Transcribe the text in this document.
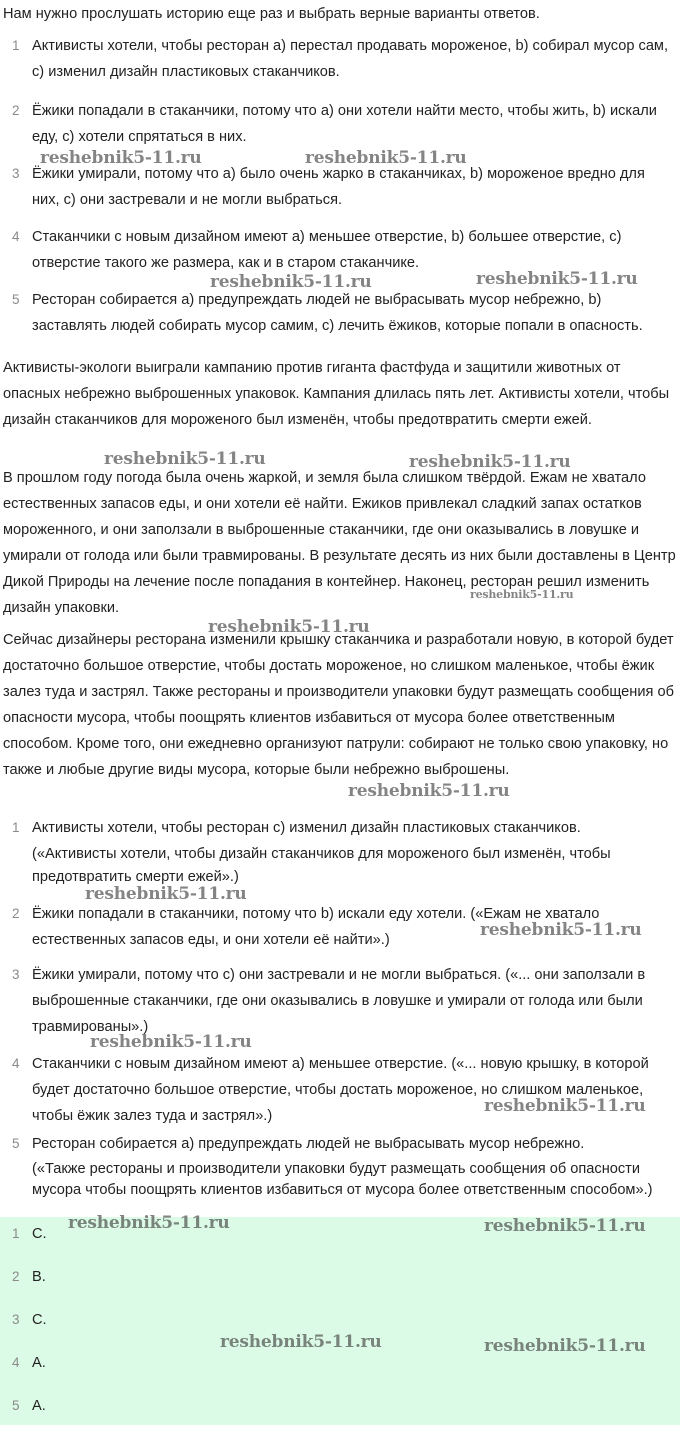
Нам нужно прослушать историю еще раз и выбрать верные варианты ответов.
1 Активисты хотели, чтобы ресторан а) перестал продавать мороженое, b) собирал мусор сам, c) изменил дизайн пластиковых стаканчиков.
2 Ёжики попадали в стаканчики, потому что а) они хотели найти место, чтобы жить, b) искали еду, c) хотели спрятаться в них.
3 Ёжики умирали, потому что а) было очень жарко в стаканчиках, b) мороженое вредно для них, c) они застревали и не могли выбраться.
4 Стаканчики с новым дизайном имеют а) меньшее отверстие, b) большее отверстие, c) отверстие такого же размера, как и в старом стаканчике.
5 Ресторан собирается а) предупреждать людей не выбрасывать мусор небрежно, b) заставлять людей собирать мусор самим, c) лечить ёжиков, которые попали в опасность.

Активисты-экологи выиграли кампанию против гиганта фастфуда и защитили животных от опасных небрежно выброшенных упаковок. Кампания длилась пять лет. Активисты хотели, чтобы дизайн стаканчиков для мороженого был изменён, чтобы предотвратить смерти ежей.

В прошлом году погода была очень жаркой, и земля была слишком твёрдой. Ежам не хватало естественных запасов еды, и они хотели её найти. Ежиков привлекал сладкий запах остатков мороженного, и они заползали в выброшенные стаканчики, где они оказывались в ловушке и умирали от голода или были травмированы. В результате десять из них были доставлены в Центр Дикой Природы на лечение после попадания в контейнер. Наконец, ресторан решил изменить дизайн упаковки.

Сейчас дизайнеры ресторана изменили крышку стаканчика и разработали новую, в которой будет достаточно большое отверстие, чтобы достать мороженое, но слишком маленькое, чтобы ёжик залез туда и застрял. Также рестораны и производители упаковки будут размещать сообщения об опасности мусора, чтобы поощрять клиентов избавиться от мусора более ответственным способом. Кроме того, они ежедневно организуют патрули: собирают не только свою упаковку, но также и любые другие виды мусора, которые были небрежно выброшены.

1 Активисты хотели, чтобы ресторан с) изменил дизайн пластиковых стаканчиков.
(«Активисты хотели, чтобы дизайн стаканчиков для мороженого был изменён, чтобы предотвратить смерти ежей».)
2 Ёжики попадали в стаканчики, потому что b) искали еду хотели. («Ежам не хватало естественных запасов еды, и они хотели её найти».)
3 Ёжики умирали, потому что с) они застревали и не могли выбраться. («... они заползали в выброшенные стаканчики, где они оказывались в ловушке и умирали от голода или были травмированы».)
4 Стаканчики с новым дизайном имеют а) меньшее отверстие. («... новую крышку, в которой будет достаточно большое отверстие, чтобы достать мороженое, но слишком маленькое, чтобы ёжик залез туда и застрял».)
5 Ресторан собирается а) предупреждать людей не выбрасывать мусор небрежно.
(«Также рестораны и производители упаковки будут размещать сообщения об опасности мусора чтобы поощрять клиентов избавиться от мусора более ответственным способом».)
1 C.
2 B.
3 C.
4 A.
5 A.
reshebnik5-11.ru	reshebnik5-11.ru
reshebnik5-11.ru	reshebnik5-11.ru
reshebnik5-11.ru	reshebnik5-11.ru
reshebnik5-11.ru
reshebnik5-11.ru
reshebnik5-11.ru
reshebnik5-11.ru
reshebnik5-11.ru
reshebnik5-11.ru
reshebnik5-11.ru
reshebnik5-11.ru	reshebnik5-11.ru
reshebnik5-11.ru	reshebnik5-11.ru
